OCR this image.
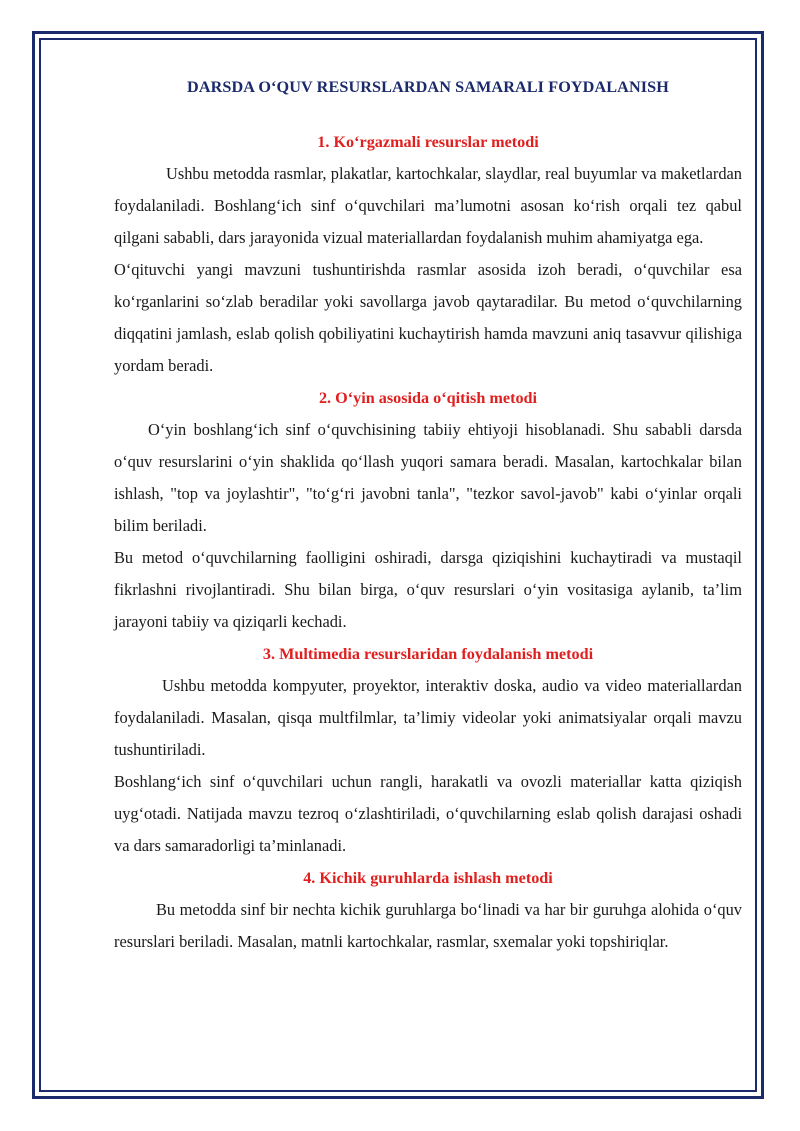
DARSDA O‘QUV RESURSLARDAN SAMARALI FOYDALANISH
1. Ko‘rgazmali resurslar metodi

Ushbu metodda rasmlar, plakatlar, kartochkalar, slaydlar, real buyumlar va maketlardan foydalaniladi. Boshlang‘ich sinf o‘quvchilari ma’lumotni asosan ko‘rish orqali tez qabul qilgani sababli, dars jarayonida vizual materiallardan foydalanish muhim ahamiyatga ega.

O‘qituvchi yangi mavzuni tushuntirishda rasmlar asosida izoh beradi, o‘quvchilar esa ko‘rganlarini so‘zlab beradilar yoki savollarga javob qaytaradilar. Bu metod o‘quvchilarning diqqatini jamlash, eslab qolish qobiliyatini kuchaytirish hamda mavzuni aniq tasavvur qilishiga yordam beradi.

2. O‘yin asosida o‘qitish metodi

O‘yin boshlang‘ich sinf o‘quvchisining tabiiy ehtiyoji hisoblanadi. Shu sababli darsda o‘quv resurslarini o‘yin shaklida qo‘llash yuqori samara beradi. Masalan, kartochkalar bilan ishlash, "top va joylashtir", "to‘g‘ri javobni tanla", "tezkor savol-javob" kabi o‘yinlar orqali bilim beriladi.

Bu metod o‘quvchilarning faolligini oshiradi, darsga qiziqishini kuchaytiradi va mustaqil fikrlashni rivojlantiradi. Shu bilan birga, o‘quv resurslari o‘yin vositasiga aylanib, ta’lim jarayoni tabiiy va qiziqarli kechadi.

3. Multimedia resurslaridan foydalanish metodi

Ushbu metodda kompyuter, proyektor, interaktiv doska, audio va video materiallardan foydalaniladi. Masalan, qisqa multfilmlar, ta’limiy videolar yoki animatsiyalar orqali mavzu tushuntiriladi.

Boshlang‘ich sinf o‘quvchilari uchun rangli, harakatli va ovozli materiallar katta qiziqish uyg‘otadi. Natijada mavzu tezroq o‘zlashtiriladi, o‘quvchilarning eslab qolish darajasi oshadi va dars samaradorligi ta’minlanadi.

4. Kichik guruhlarda ishlash metodi

Bu metodda sinf bir nechta kichik guruhlarga bo‘linadi va har bir guruhga alohida o‘quv resurslari beriladi. Masalan, matnli kartochkalar, rasmlar, sxemalar yoki topshiriqlar.
